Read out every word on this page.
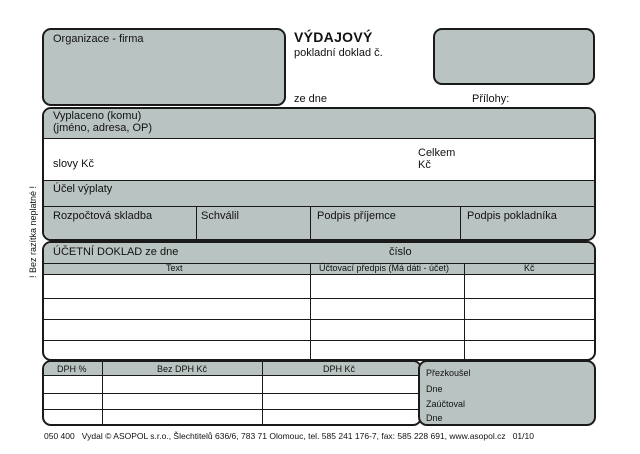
Organizace - firma	VÝDAJOVÝ
pokladní doklad č.
ze dne	Přílohy:
Vyplaceno (komu)
(jméno, adresa, OP)
slovy Kč
Celkem
Kč
Účel výplaty
Rozpočtová skladba	Schválil	Podpis příjemce	Podpis pokladníka
! Bez razítka neplatné ! ÚČETNÍ DOKLAD ze dne	číslo
Text	Účtovací předpis (Má dáti - účet)	Kč
DPH %	Bez DPH Kč	DPH Kč	Přezkoušel
Dne
Zaúčtoval
Dne
050 400   Vydal © ASOPOL s.r.o., Šlechtitelů 636/6, 783 71 Olomouc, tel. 585 241 176-7, fax: 585 228 691, www.asopol.cz   01/10
